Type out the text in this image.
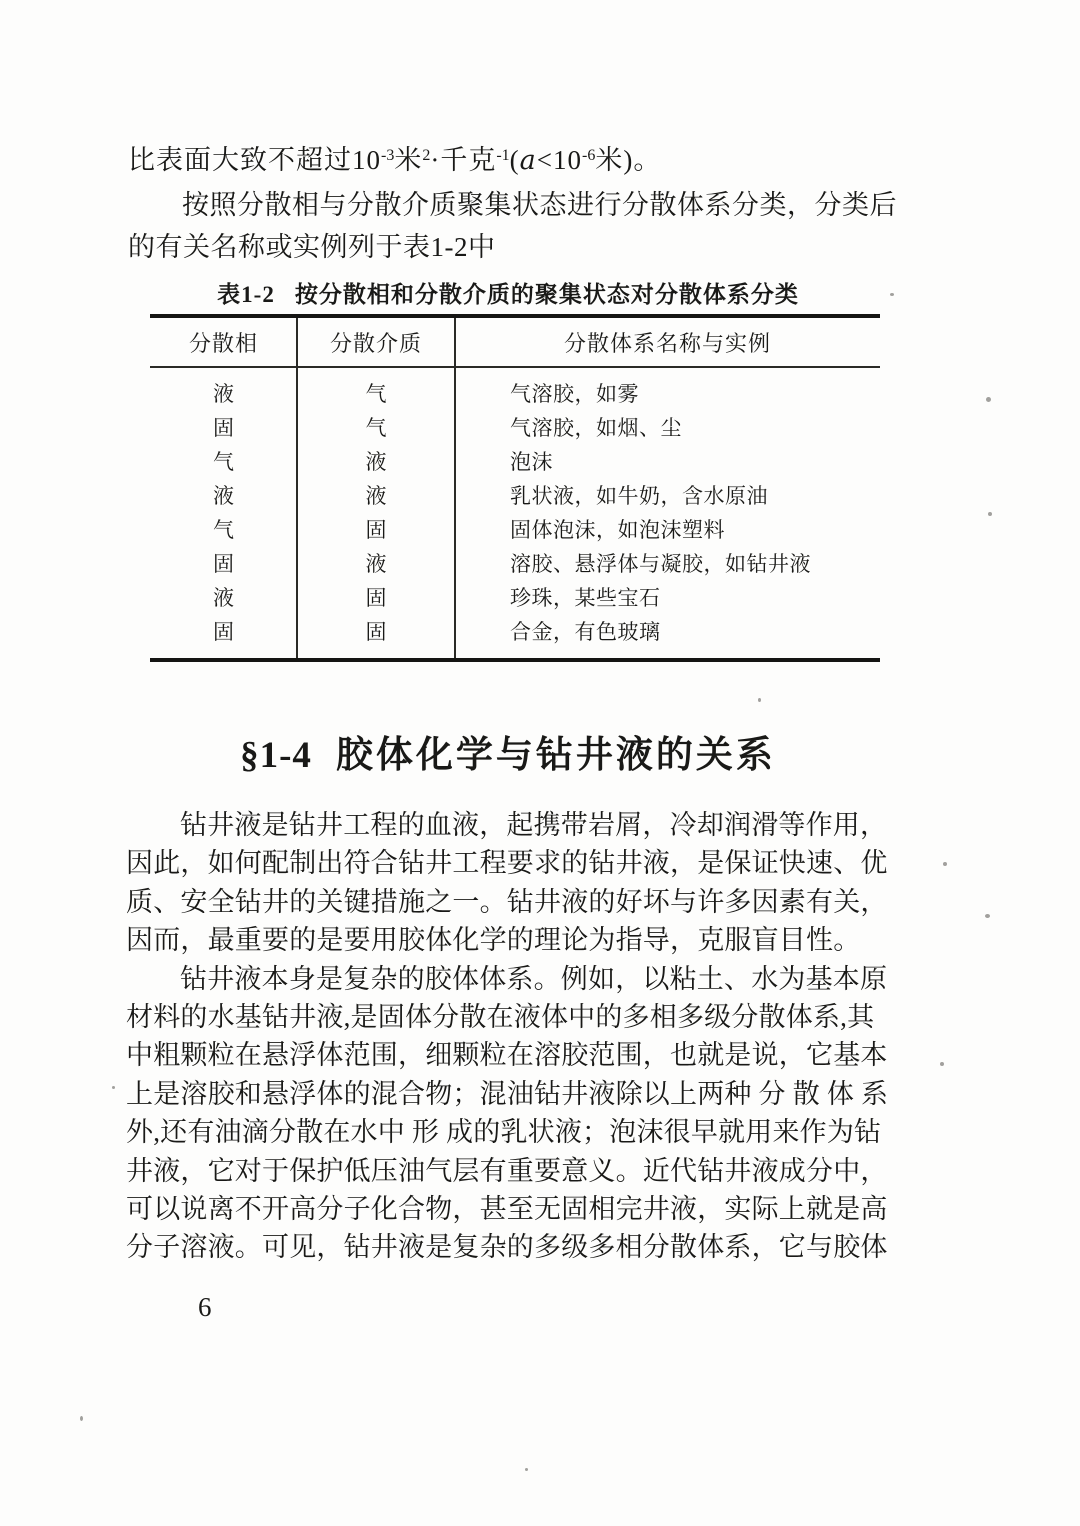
比表面大致不超过$10^{-3}$米$^2$·千克$^{-1}(a<10^{-6}$米)。
按照分散相与分散介质聚集状态进行分散体系分类，分类后
的有关名称或实例列于表1-2中
表1-2 按分散相和分散介质的聚集状态对分散体系分类
分散相	分散介质	分散体系名称与实例
液	气	气溶胶，如雾
固	气	气溶胶，如烟、尘
气	液	泡沫
液	液	乳状液，如牛奶，含水原油
气	固	固体泡沫，如泡沫塑料
固	液	溶胶、悬浮体与凝胶，如钻井液
液	固	珍珠，某些宝石
固	固	合金，有色玻璃
§1-4 胶体化学与钻井液的关系
钻井液是钻井工程的血液，起携带岩屑，冷却润滑等作用，
因此，如何配制出符合钻井工程要求的钻井液，是保证快速、优
质、安全钻井的关键措施之一。钻井液的好坏与许多因素有关，
因而，最重要的是要用胶体化学的理论为指导，克服盲目性。
钻井液本身是复杂的胶体体系。例如，以粘土、水为基本原
材料的水基钻井液,是固体分散在液体中的多相多级分散体系,其
中粗颗粒在悬浮体范围，细颗粒在溶胶范围，也就是说，它基本
上是溶胶和悬浮体的混合物；混油钻井液除以上两种 分 散 体 系
外,还有油滴分散在水中 形 成的乳状液；泡沫很早就用来作为钻
井液，它对于保护低压油气层有重要意义。近代钻井液成分中，
可以说离不开高分子化合物，甚至无固相完井液，实际上就是高
分子溶液。可见，钻井液是复杂的多级多相分散体系，它与胶体
6
